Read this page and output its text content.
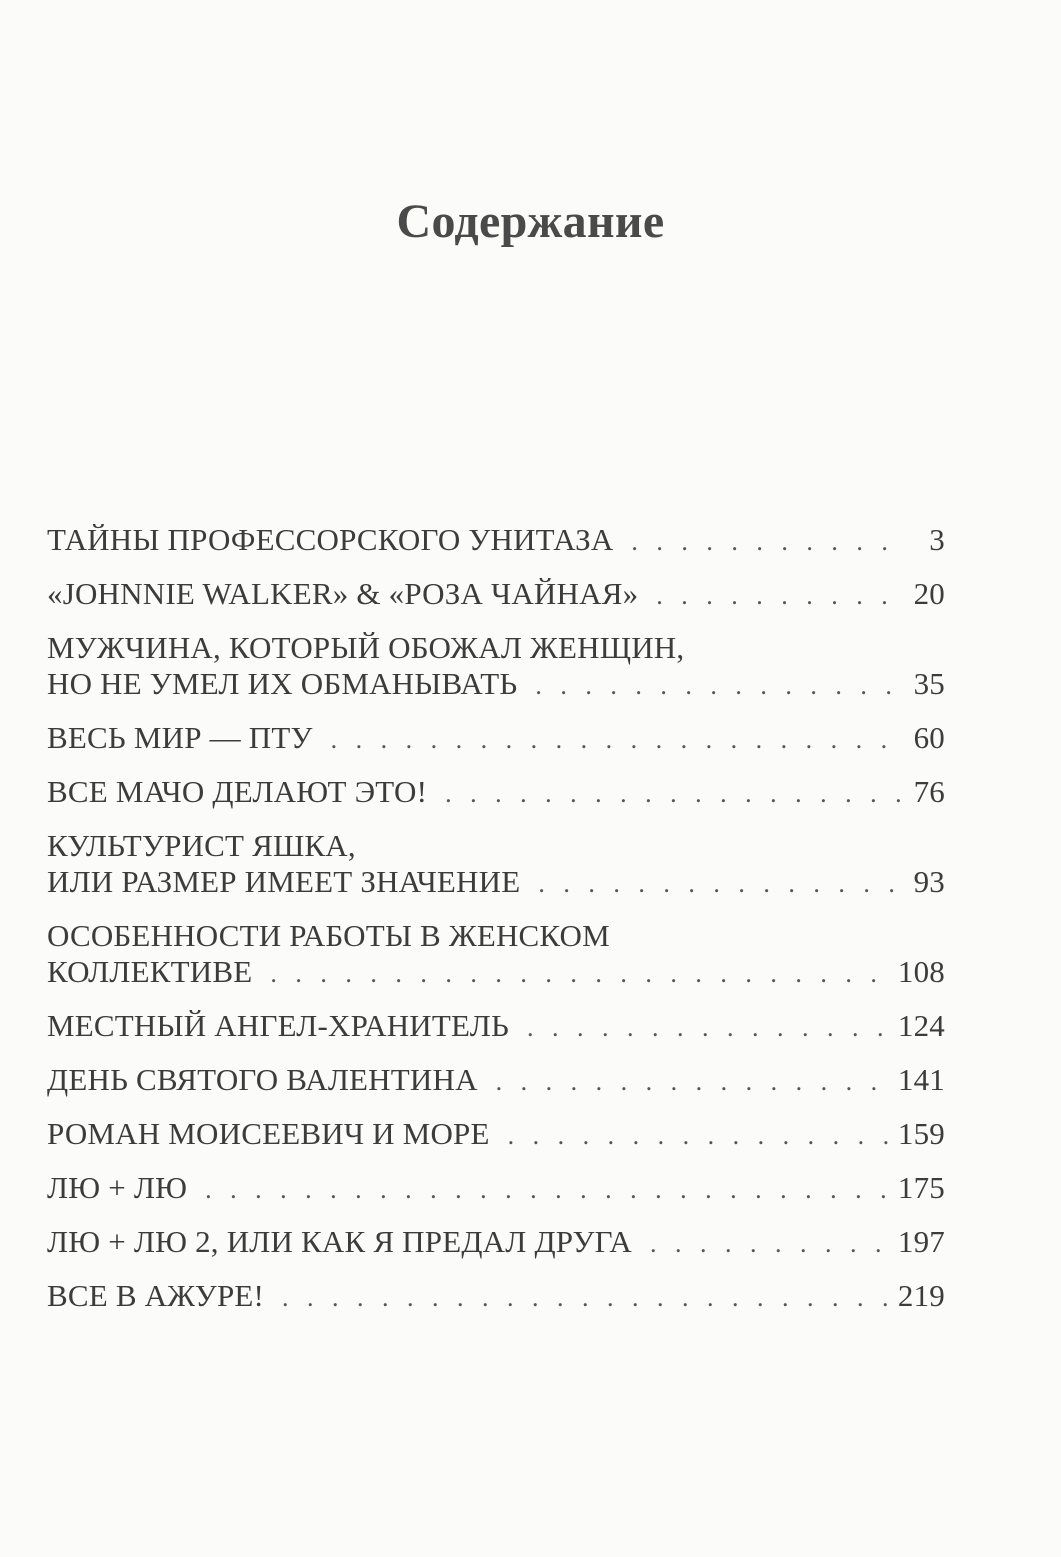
Содержание
ТАЙНЫ ПРОФЕССОРСКОГО УНИТАЗА . . .	3
«JOHNNIE WALKER» & «РОЗА ЧАЙНАЯ» . . .	20
МУЖЧИНА, КОТОРЫЙ ОБОЖАЛ ЖЕНЩИН,
НО НЕ УМЕЛ ИХ ОБМАНЫВАТЬ . . .	35
ВЕСЬ МИР — ПТУ . . .	60
ВСЕ МАЧО ДЕЛАЮТ ЭТО! . . .	76
КУЛЬТУРИСТ ЯШКА,
ИЛИ РАЗМЕР ИМЕЕТ ЗНАЧЕНИЕ . . .	93
ОСОБЕННОСТИ РАБОТЫ В ЖЕНСКОМ
КОЛЛЕКТИВЕ . . .	108
МЕСТНЫЙ АНГЕЛ-ХРАНИТЕЛЬ . . .	124
ДЕНЬ СВЯТОГО ВАЛЕНТИНА . . .	141
РОМАН МОИСЕЕВИЧ И МОРЕ . . .	159
ЛЮ + ЛЮ . . .	175
ЛЮ + ЛЮ 2, ИЛИ КАК Я ПРЕДАЛ ДРУГА . . .	197
ВСЕ В АЖУРЕ! . . .	219
